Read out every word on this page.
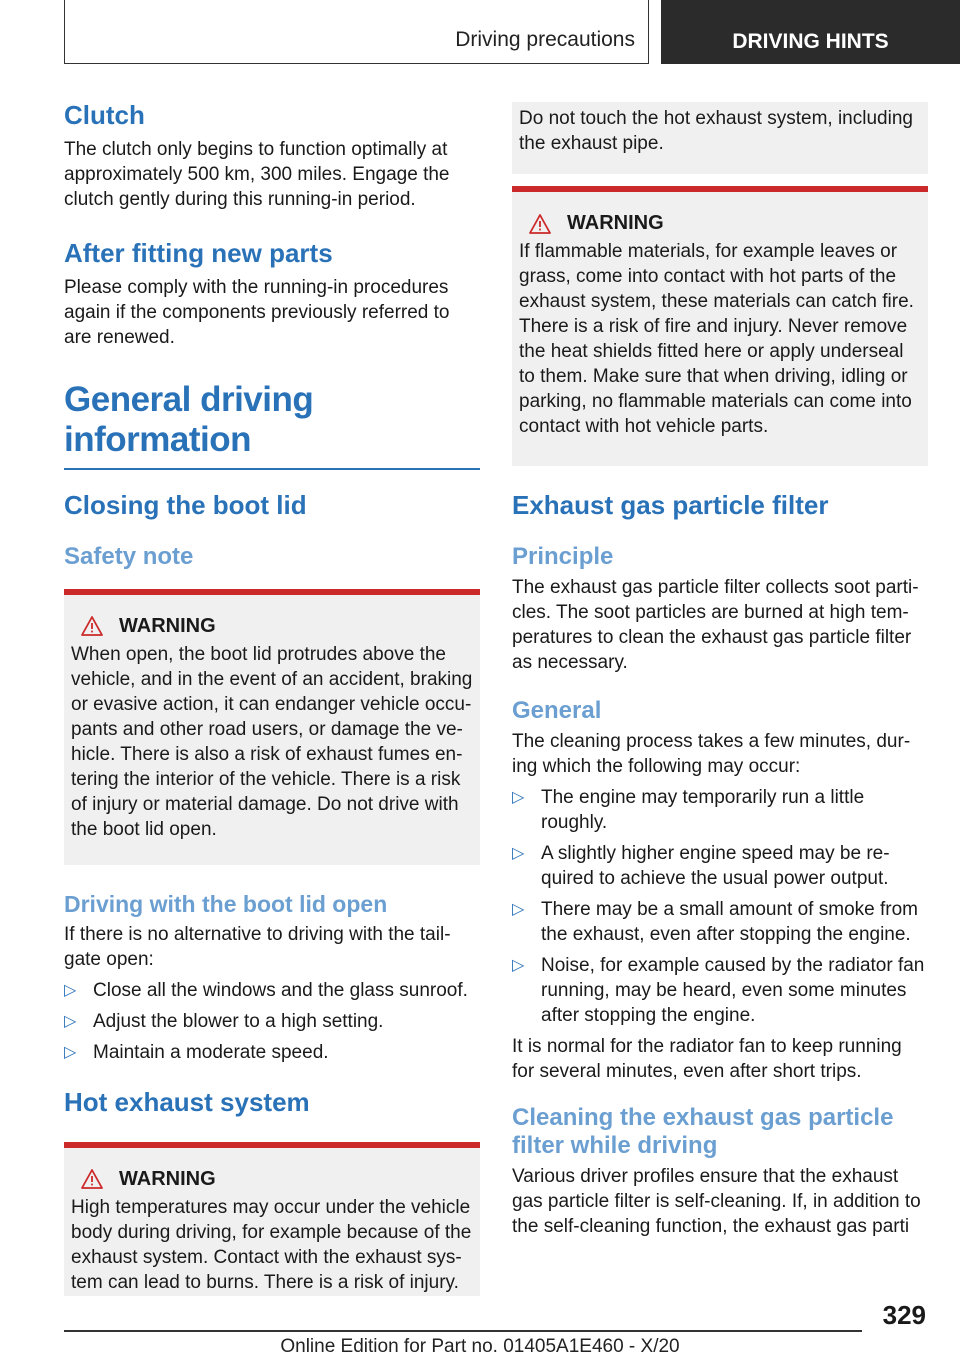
Driving precautions	DRIVING HINTS
Clutch

The clutch only begins to function optimally at approximately 500 km, 300 miles. Engage the clutch gently during this running-in period.

After fitting new parts

Please comply with the running-in procedures again if the components previously referred to are renewed.

General driving information
Closing the boot lid
Safety note
WARNING

When open, the boot lid protrudes above the vehicle, and in the event of an accident, braking or evasive action, it can endanger vehicle occupants and other road users, or damage the vehicle. There is also a risk of exhaust fumes entering the interior of the vehicle. There is a risk of injury or material damage. Do not drive with the boot lid open.

Driving with the boot lid open

If there is no alternative to driving with the tailgate open:

▷ Close all the windows and the glass sunroof.
▷ Adjust the blower to a high setting.
▷ Maintain a moderate speed.
Hot exhaust system
WARNING

High temperatures may occur under the vehicle body during driving, for example because of the exhaust system. Contact with the exhaust system can lead to burns. There is a risk of injury.

Do not touch the hot exhaust system, including the exhaust pipe.

WARNING

If flammable materials, for example leaves or grass, come into contact with hot parts of the exhaust system, these materials can catch fire. There is a risk of fire and injury. Never remove the heat shields fitted here or apply underseal to them. Make sure that when driving, idling or parking, no flammable materials can come into contact with hot vehicle parts.

Exhaust gas particle filter
Principle

The exhaust gas particle filter collects soot particles. The soot particles are burned at high temperatures to clean the exhaust gas particle filter as necessary.

General

The cleaning process takes a few minutes, during which the following may occur:

▷ The engine may temporarily run a little roughly.
▷ A slightly higher engine speed may be required to achieve the usual power output.
▷ There may be a small amount of smoke from the exhaust, even after stopping the engine.
▷ Noise, for example caused by the radiator fan running, may be heard, even some minutes after stopping the engine.

It is normal for the radiator fan to keep running for several minutes, even after short trips.

Cleaning the exhaust gas particle filter while driving

Various driver profiles ensure that the exhaust gas particle filter is self-cleaning. If, in addition to the self-cleaning function, the exhaust gas parti

329
Online Edition for Part no. 01405A1E460 - X/20
